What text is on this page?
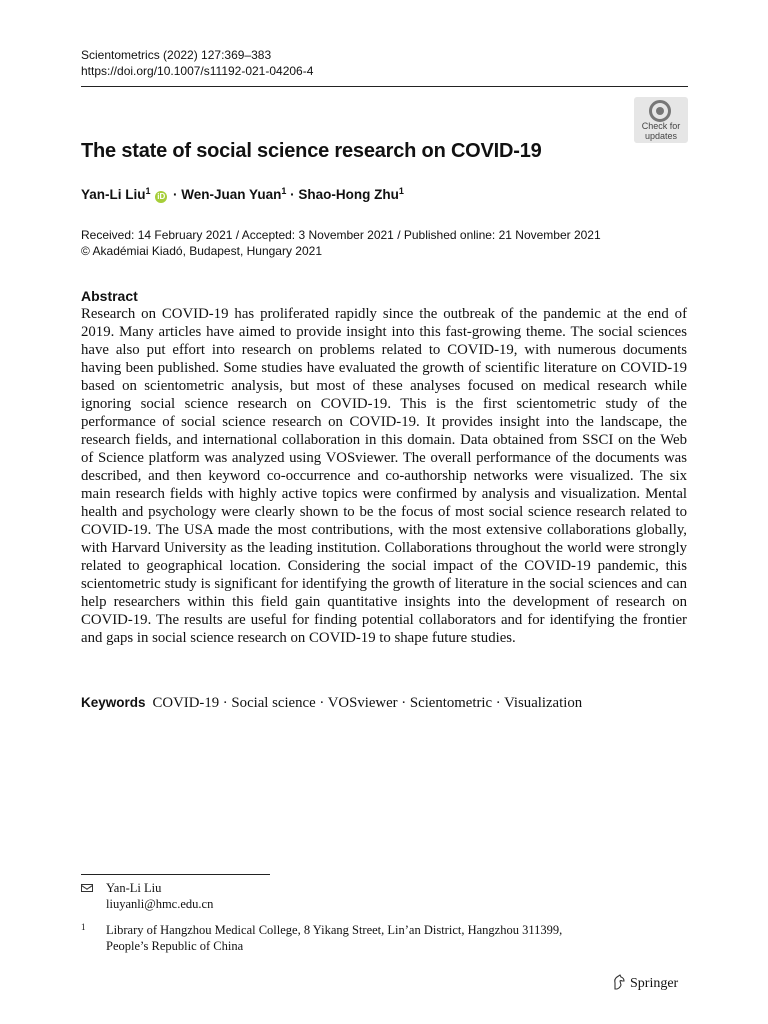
Scientometrics (2022) 127:369–383
https://doi.org/10.1007/s11192-021-04206-4
Check for
updates
The state of social science research on COVID-19
Yan-Li Liu$^1$ iD · Wen-Juan Yuan$^1$ · Shao-Hong Zhu$^1$
Received: 14 February 2021 / Accepted: 3 November 2021 / Published online: 21 November 2021
© Akadémiai Kiadó, Budapest, Hungary 2021
Abstract
Research on COVID-19 has proliferated rapidly since the outbreak of the pandemic at the end of 2019. Many articles have aimed to provide insight into this fast-growing theme. The social sciences have also put effort into research on problems related to COVID-19, with numerous documents having been published. Some studies have evaluated the growth of scientific literature on COVID-19 based on scientometric analysis, but most of these analyses focused on medical research while ignoring social science research on COVID-19. This is the first scientometric study of the performance of social science research on COVID-19. It provides insight into the landscape, the research fields, and international collaboration in this domain. Data obtained from SSCI on the Web of Science platform was analyzed using VOSviewer. The overall performance of the documents was described, and then keyword co-occurrence and co-authorship networks were visualized. The six main research fields with highly active topics were confirmed by analysis and visualization. Mental health and psychology were clearly shown to be the focus of most social science research related to COVID-19. The USA made the most contributions, with the most extensive collaborations globally, with Harvard University as the leading institution. Collaborations throughout the world were strongly related to geographical location. Considering the social impact of the COVID-19 pandemic, this scientometric study is significant for identifying the growth of literature in the social sciences and can help researchers within this field gain quantitative insights into the development of research on COVID-19. The results are useful for finding potential collaborators and for identifying the frontier and gaps in social science research on COVID-19 to shape future studies.
Keywords COVID-19 · Social science · VOSviewer · Scientometric · Visualization
Yan-Li Liu
liuyanli@hmc.edu.cn
1 Library of Hangzhou Medical College, 8 Yikang Street, Lin’an District, Hangzhou 311399,
People’s Republic of China
Springer
